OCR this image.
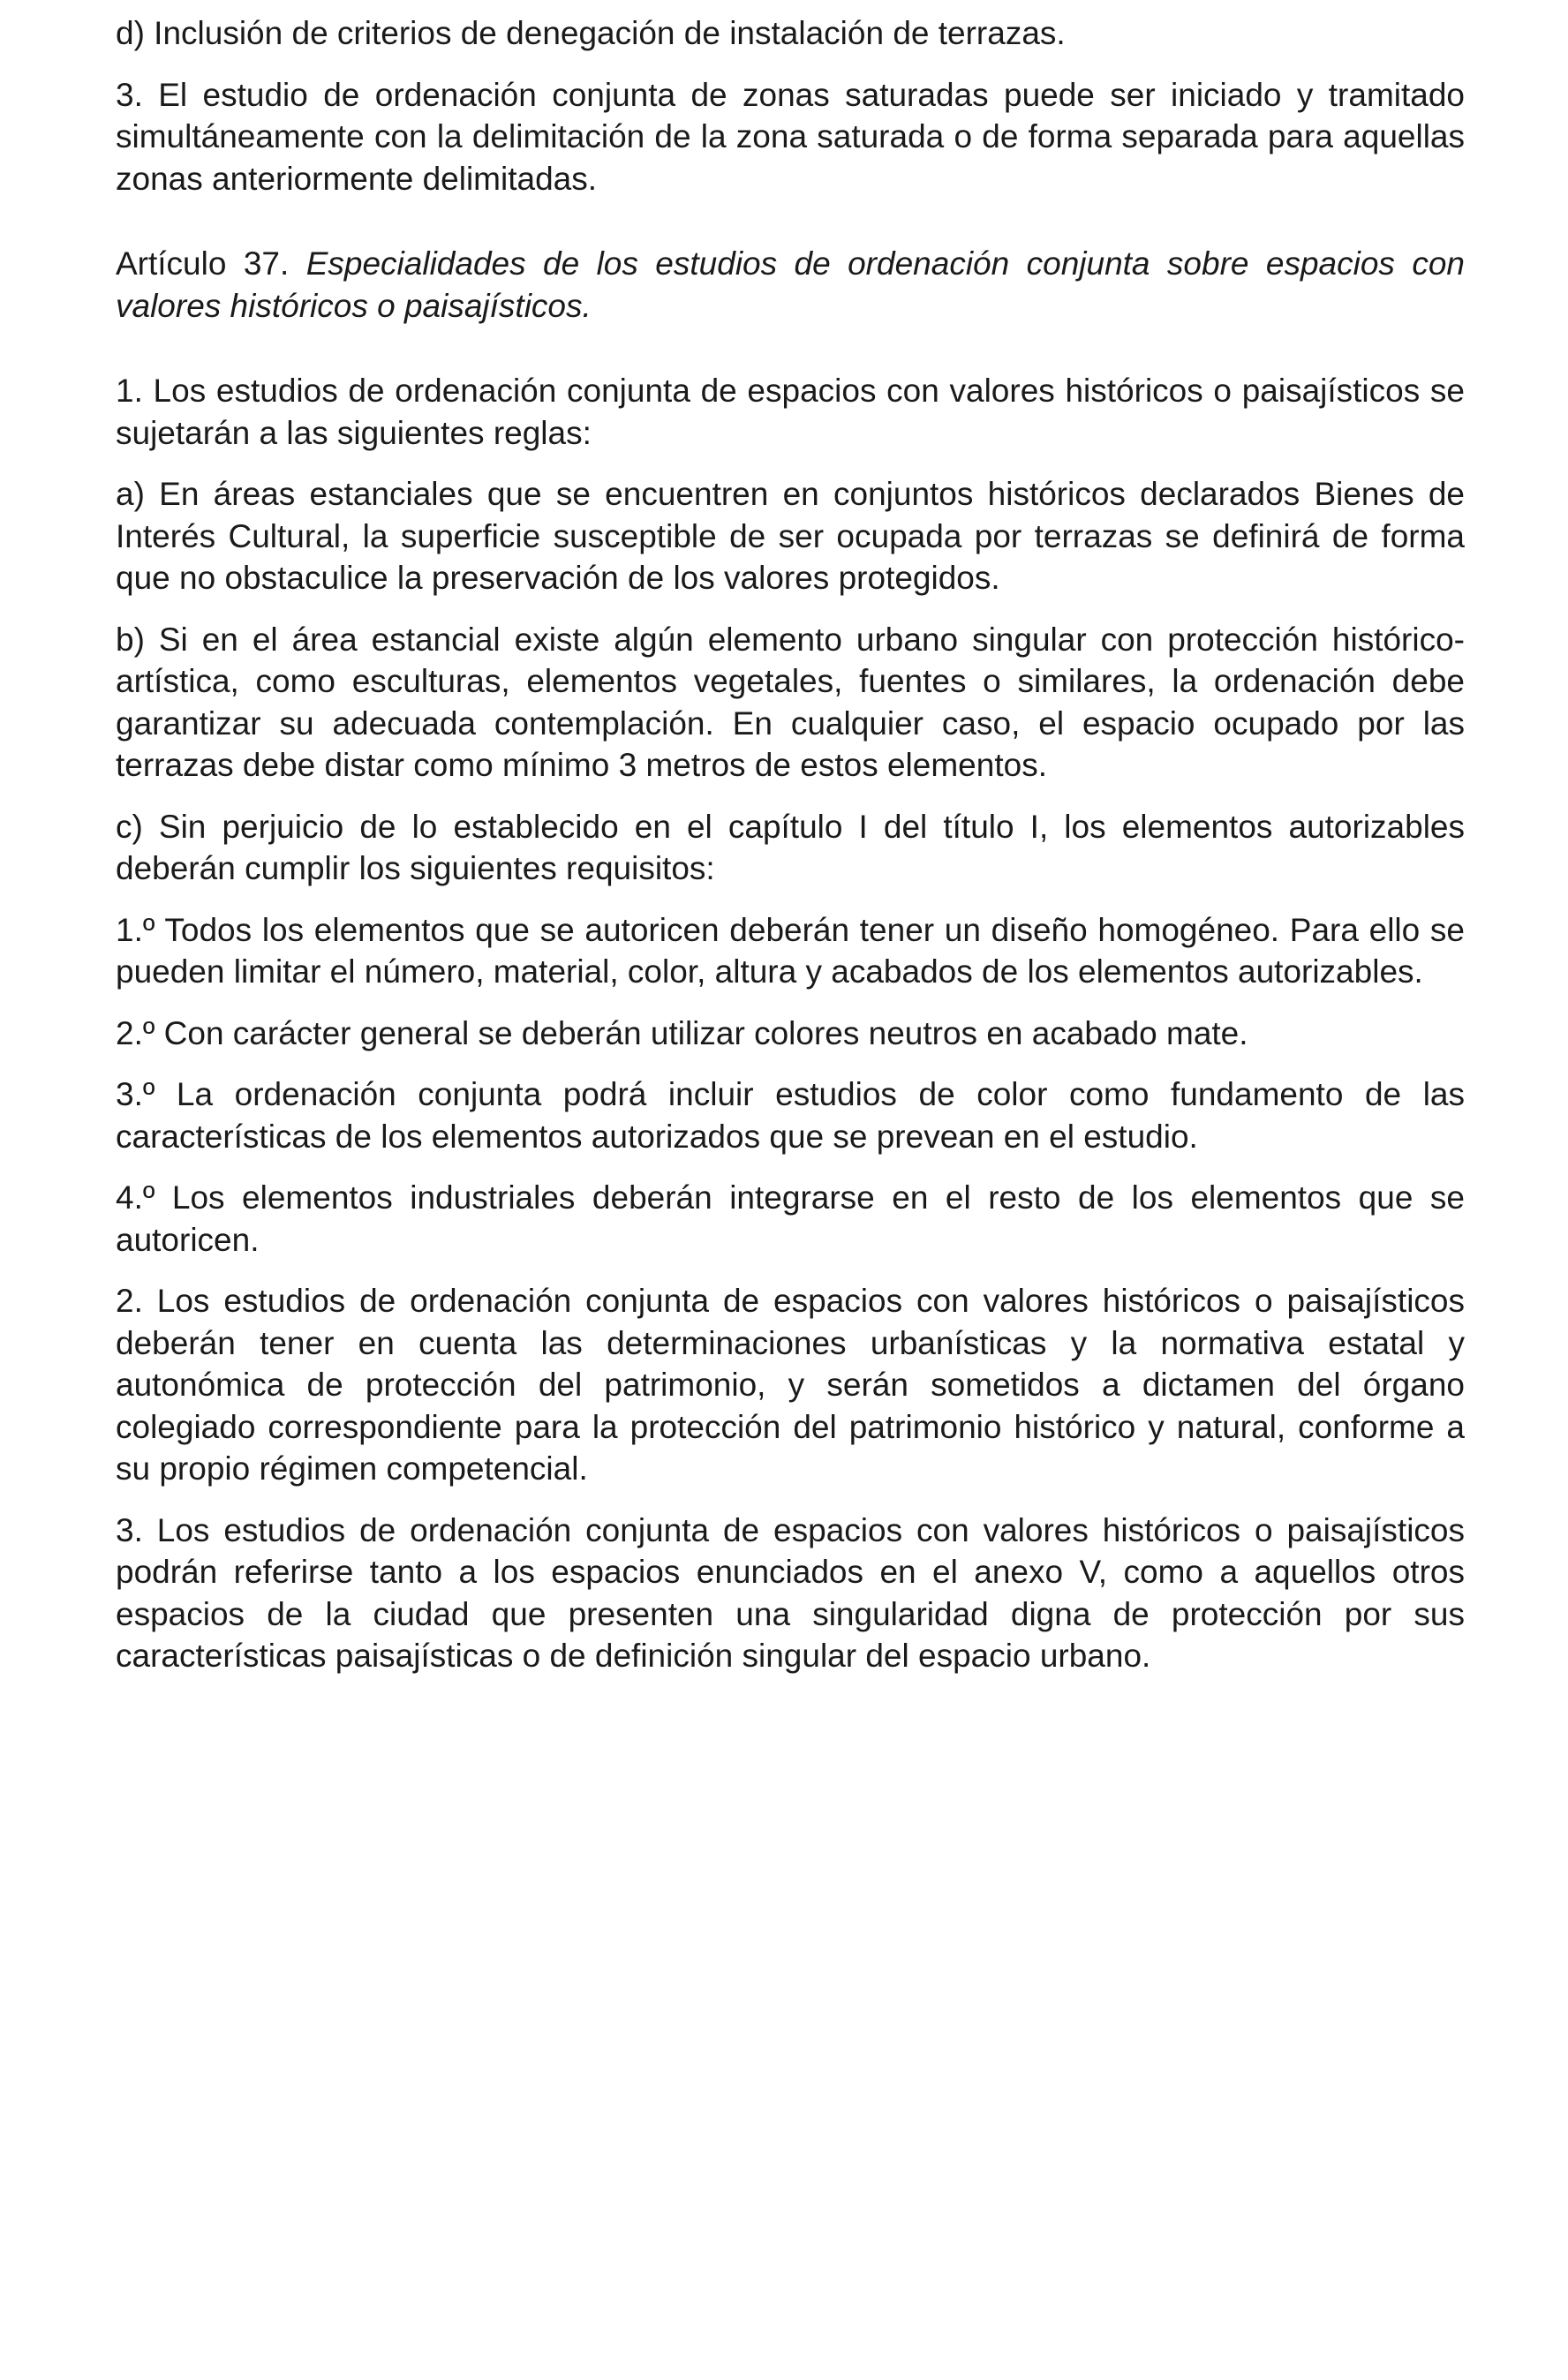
d) Inclusión de criterios de denegación de instalación de terrazas.

3. El estudio de ordenación conjunta de zonas saturadas puede ser iniciado y tramitado simultáneamente con la delimitación de la zona saturada o de forma separada para aquellas zonas anteriormente delimitadas.

Artículo 37. Especialidades de los estudios de ordenación conjunta sobre espacios con valores históricos o paisajísticos.

1. Los estudios de ordenación conjunta de espacios con valores históricos o paisajísticos se sujetarán a las siguientes reglas:

a) En áreas estanciales que se encuentren en conjuntos históricos declarados Bienes de Interés Cultural, la superficie susceptible de ser ocupada por terrazas se definirá de forma que no obstaculice la preservación de los valores protegidos.

b) Si en el área estancial existe algún elemento urbano singular con protección histórico-artística, como esculturas, elementos vegetales, fuentes o similares, la ordenación debe garantizar su adecuada contemplación. En cualquier caso, el espacio ocupado por las terrazas debe distar como mínimo 3 metros de estos elementos.

c) Sin perjuicio de lo establecido en el capítulo I del título I, los elementos autorizables deberán cumplir los siguientes requisitos:

1.º Todos los elementos que se autoricen deberán tener un diseño homogéneo. Para ello se pueden limitar el número, material, color, altura y acabados de los elementos autorizables.

2.º Con carácter general se deberán utilizar colores neutros en acabado mate.

3.º La ordenación conjunta podrá incluir estudios de color como fundamento de las características de los elementos autorizados que se prevean en el estudio.

4.º Los elementos industriales deberán integrarse en el resto de los elementos que se autoricen.

2. Los estudios de ordenación conjunta de espacios con valores históricos o paisajísticos deberán tener en cuenta las determinaciones urbanísticas y la normativa estatal y autonómica de protección del patrimonio, y serán sometidos a dictamen del órgano colegiado correspondiente para la protección del patrimonio histórico y natural, conforme a su propio régimen competencial.

3. Los estudios de ordenación conjunta de espacios con valores históricos o paisajísticos podrán referirse tanto a los espacios enunciados en el anexo V, como a aquellos otros espacios de la ciudad que presenten una singularidad digna de protección por sus características paisajísticas o de definición singular del espacio urbano.
